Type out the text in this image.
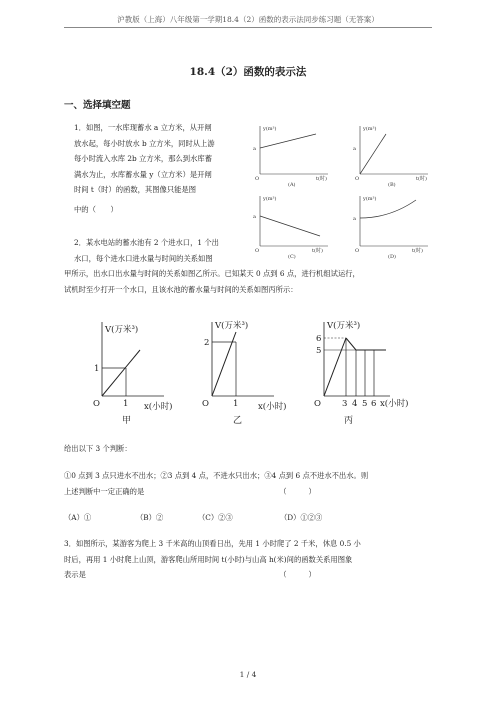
沪教版（上海）八年级第一学期18.4（2）函数的表示法同步练习题（无答案）
18.4（2）函数的表示法
一、选择填空题
1．如图，一水库现蓄水 a 立方米，从开闸
放水起，每小时放水 b 立方米，同时从上游
每小时流入水库 2b 立方米，那么到水库蓄
满水为止，水库蓄水量 y（立方米）是开闸
时间 t（时）的函数，其图像只能是图
中的（　　）
y(m³)
a
O	t(时)
(A)
y(m³)
a
O	t(时)
(B)
y(m³)
a
O	t(时)
(C)
y(m³)
a
O	t(时)
(D)
2．某水电站的蓄水池有 2 个进水口，1 个出
水口，每个进水口进水量与时间的关系如图
甲所示，出水口出水量与时间的关系如图乙所示。已知某天 0 点到 6 点，进行机组试运行，
试机时至少打开一个水口，且该水池的蓄水量与时间的关系如图丙所示：
V(万米³)
1
O	1 x(小时)
甲
V(万米³)
2
O	1 x(小时)
乙
V(万米³)
6
5
O 3 4 5 6 x(小时)
丙
给出以下 3 个判断：
①0 点到 3 点只进水不出水；②3 点到 4 点，不进水只出水；③4 点到 6 点不进水不出水。则
上述判断中一定正确的是　　　　　　　　　　　　　　　　　　　（　　　）
（A）①	（B）②	（C）②③	（D）①②③
3．如图所示，某游客为爬上 3 千米高的山顶看日出，先用 1 小时爬了 2 千米，休息 0.5 小
时后，再用 1 小时爬上山顶，游客爬山所用时间 t(小时)与山高 h(米)间的函数关系用图象
表示是　　　　　　　　　　　　　　　　　　　　　　　　　　　（　　　）
1 / 4
